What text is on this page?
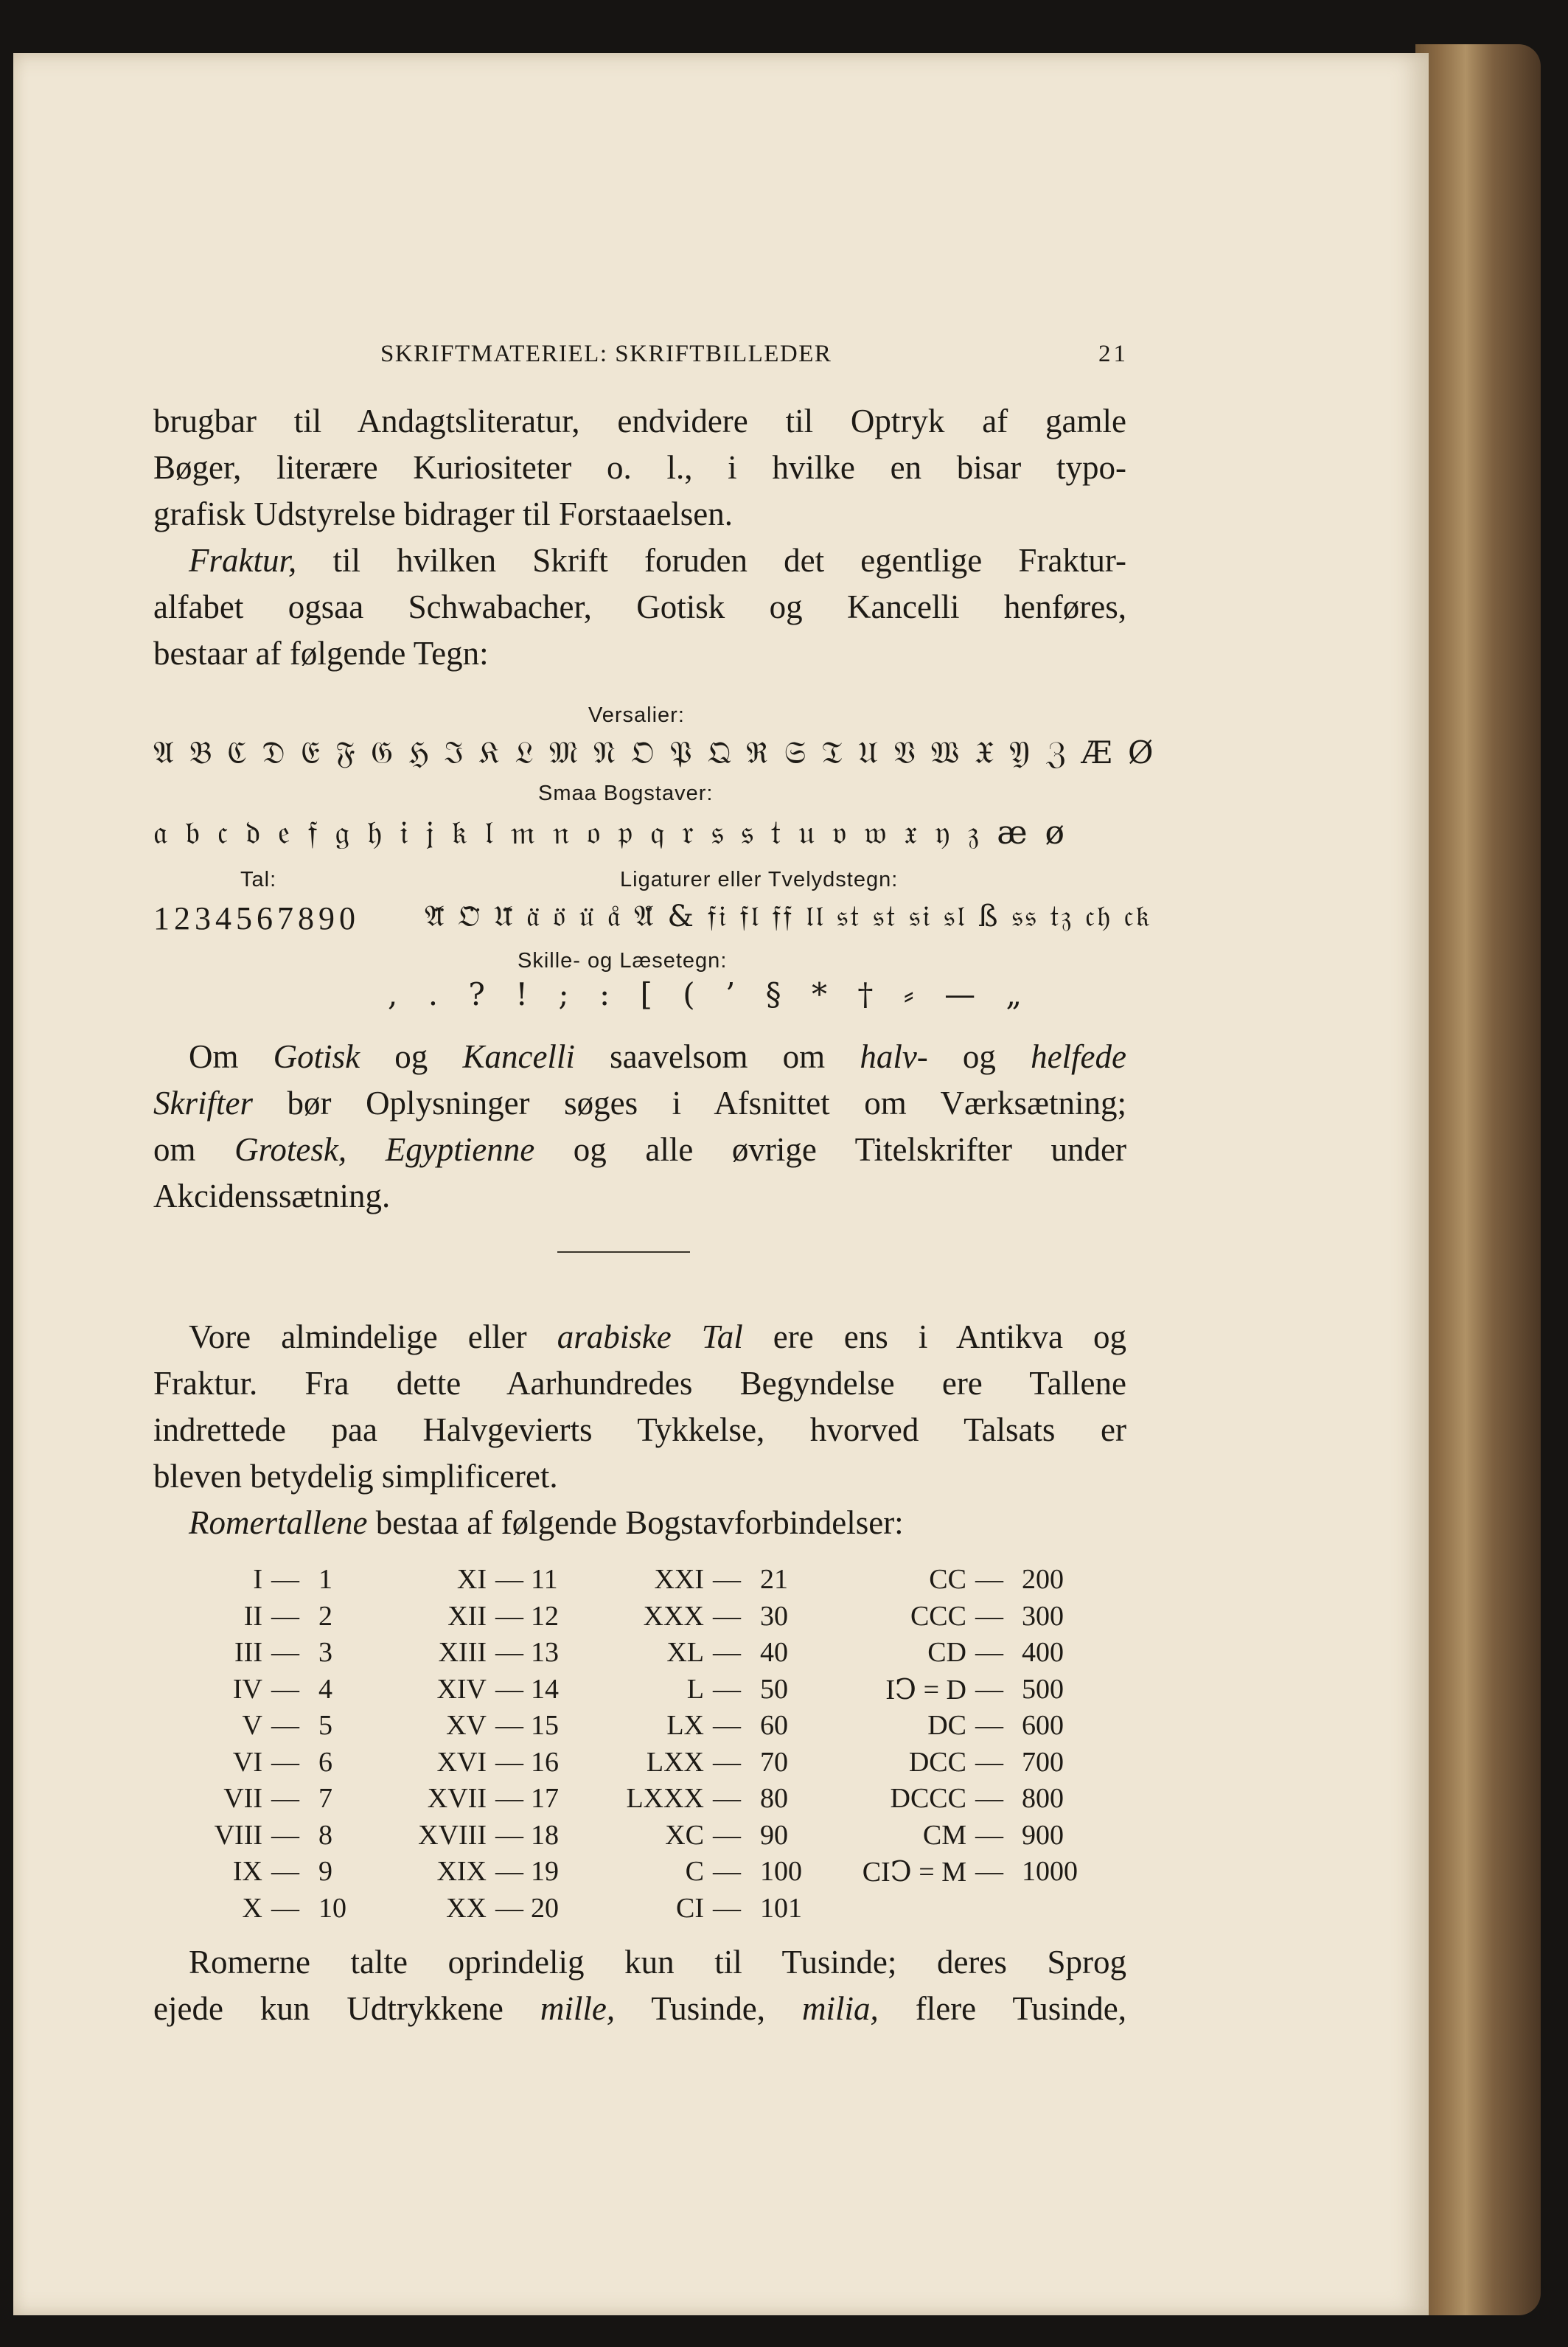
SKRIFTMATERIEL: SKRIFTBILLEDER	21
brugbar til Andagtsliteratur, endvidere til Optryk af gamle
Bøger, literære Kuriositeter o. l., i hvilke en bisar typo-
grafisk Udstyrelse bidrager til Forstaaelsen.
Fraktur, til hvilken Skrift foruden det egentlige Fraktur-
alfabet ogsaa Schwabacher, Gotisk og Kancelli henføres,
bestaar af følgende Tegn:
Versalier:
𝔄 𝔅 ℭ 𝔇 𝔈 𝔉 𝔊 ℌ ℑ 𝔎 𝔏 𝔐 𝔑 𝔒 𝔓 𝔔 ℜ 𝔖 𝔗 𝔘 𝔙 𝔚 𝔛 𝔜 ℨ Æ Ø
Smaa Bogstaver:
𝔞 𝔟 𝔠 𝔡 𝔢 𝔣 𝔤 𝔥 𝔦 𝔧 𝔨 𝔩 𝔪 𝔫 𝔬 𝔭 𝔮 𝔯 𝔰 𝔰 𝔱 𝔲 𝔳 𝔴 𝔵 𝔶 𝔷 æ ø
Tal:	Ligaturer eller Tvelydstegn:
1234567890 𝔄̈ 𝔒̈ 𝔘̈ 𝔞̈ 𝔬̈ 𝔲̈ 𝔞̊ 𝔄̊ & 𝔣𝔦 𝔣𝔩 𝔣𝔣 𝔩𝔩 𝔰𝔱 𝔰𝔱 𝔰𝔦 𝔰𝔩 ß 𝔰𝔰 𝔱𝔷 𝔠𝔥 𝔠𝔨
Skille- og Læsetegn:
, . ? ! ; : [ ( ’ § * † ⸗ — „
Om Gotisk og Kancelli saavelsom om halv- og helfede
Skrifter bør Oplysninger søges i Afsnittet om Værksætning;
om Grotesk, Egyptienne og alle øvrige Titelskrifter under
Akcidenssætning.
Vore almindelige eller arabiske Tal ere ens i Antikva og
Fraktur. Fra dette Aarhundredes Begyndelse ere Tallene
indrettede paa Halvgevierts Tykkelse, hvorved Talsats er
bleven betydelig simplificeret.
Romertallene bestaa af følgende Bogstavforbindelser:
I — 1
II — 2
III — 3
IV — 4
V — 5
VI — 6
VII — 7
VIII — 8
IX — 9
X — 10
XI — 11
XII — 12
XIII — 13
XIV — 14
XV — 15
XVI — 16
XVII — 17
XVIII — 18
XIX — 19
XX — 20
XXI — 21
XXX — 30
XL — 40
L — 50
LX — 60
LXX — 70
LXXX — 80
XC — 90
C — 100
CI — 101
CC — 200
CCC — 300
CD — 400
IↃ = D — 500
DC — 600
DCC — 700
DCCC — 800
CM — 900
CIↃ = M — 1000
Romerne talte oprindelig kun til Tusinde; deres Sprog
ejede kun Udtrykkene mille, Tusinde, milia, flere Tusinde,
